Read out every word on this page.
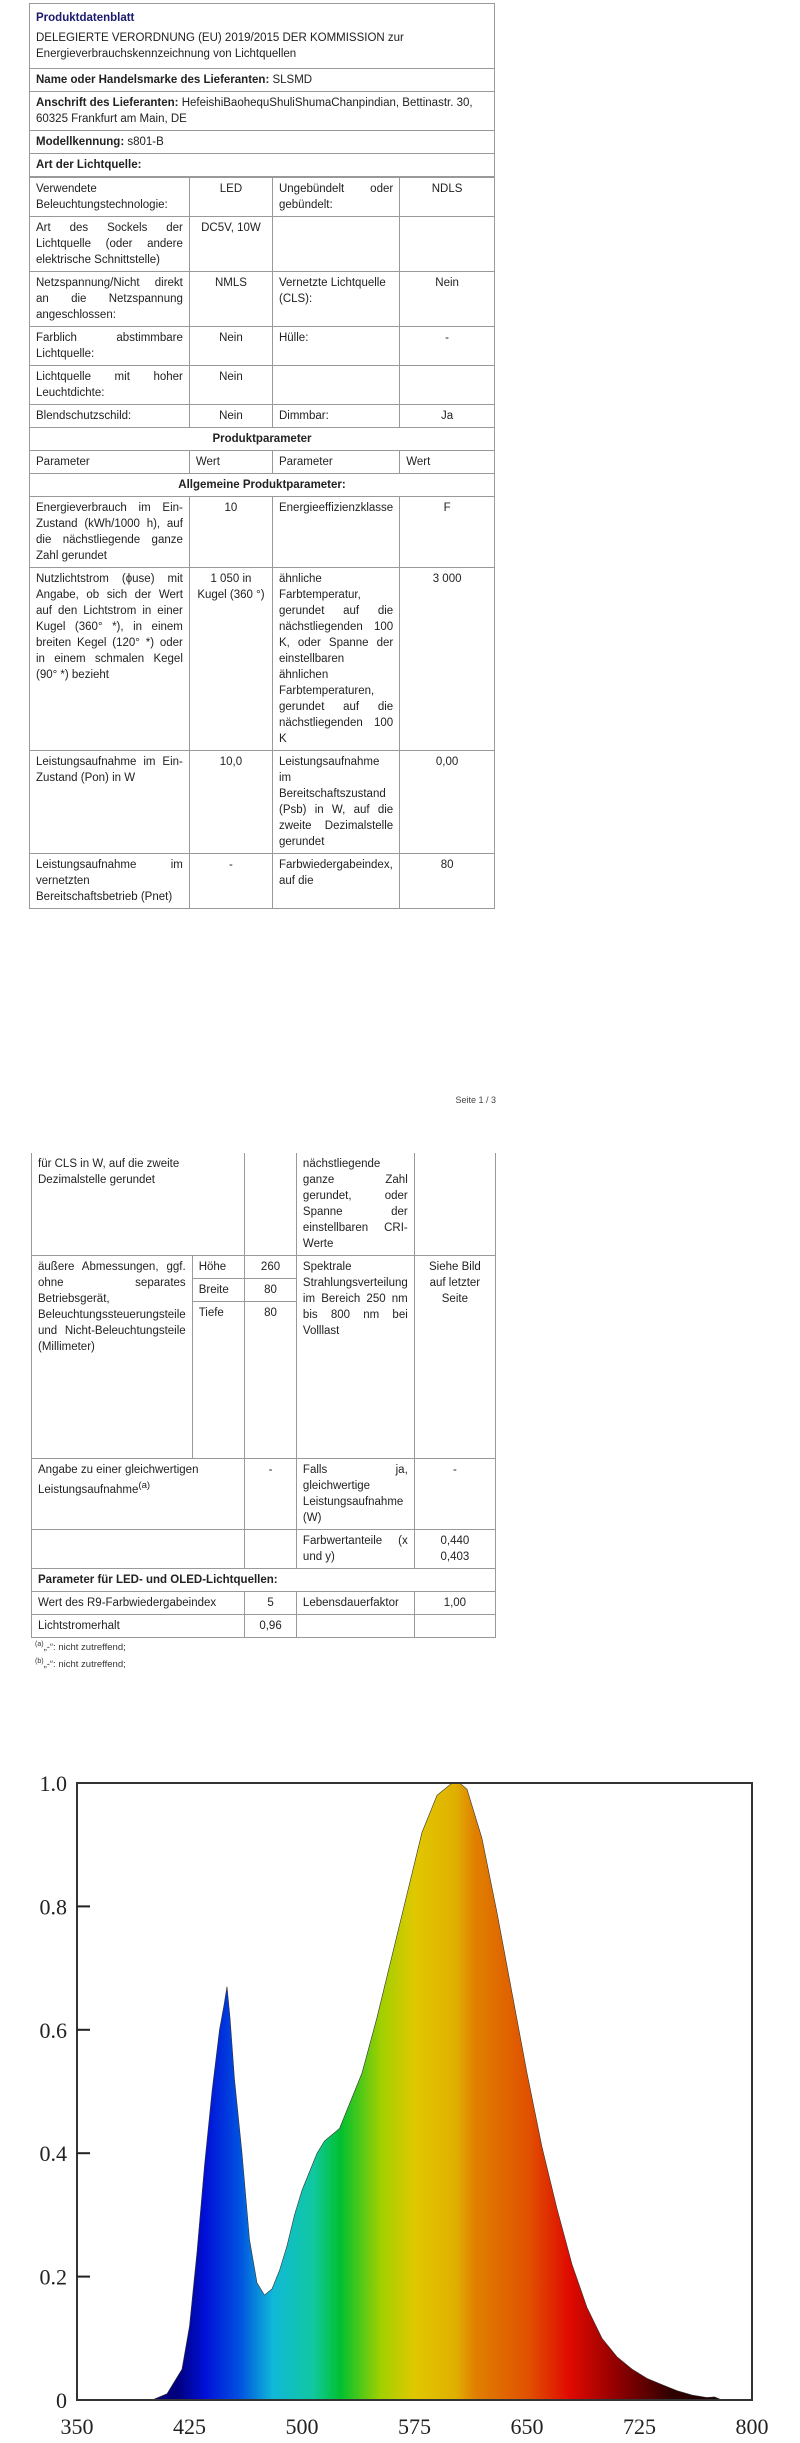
Produktdatenblatt
DELEGIERTE VERORDNUNG (EU) 2019/2015 DER KOMMISSION zur Energieverbrauchskennzeichnung von Lichtquellen
Name oder Handelsmarke des Lieferanten: SLSMD
Anschrift des Lieferanten: HefeishiBaohequShuliShumaChanpindian, Bettinastr. 30, 60325 Frankfurt am Main, DE
Modellkennung: s801-B
Art der Lichtquelle:
Verwendete Beleuchtungstechnologie:	LED	Ungebündelt oder gebündelt:	NDLS
Art des Sockels der Lichtquelle (oder andere elektrische Schnittstelle)	DC5V, 10W		
Netzspannung/Nicht direkt an die Netzspannung angeschlossen:	NMLS	Vernetzte Lichtquelle (CLS):	Nein
Farblich abstimmbare Lichtquelle:	Nein	Hülle:	-
Lichtquelle mit hoher Leuchtdichte:	Nein		
Blendschutzschild:	Nein	Dimmbar:	Ja
Produktparameter			
Parameter	Wert	Parameter	Wert
Allgemeine Produktparameter:			
Energieverbrauch im Ein-Zustand (kWh/1000 h), auf die nächstliegende ganze Zahl gerundet	10	Energieeffizienzklasse	F
Nutzlichtstrom (ϕuse) mit Angabe, ob sich der Wert auf den Lichtstrom in einer Kugel (360° *), in einem breiten Kegel (120° *) oder in einem schmalen Kegel (90° *) bezieht	1 050 in Kugel (360 °)	ähnliche Farbtemperatur, gerundet auf die nächstliegenden 100 K, oder Spanne der einstellbaren ähnlichen Farbtemperaturen, gerundet auf die nächstliegenden 100 K	3 000
Leistungsaufnahme im Ein-Zustand (Pon) in W	10,0	Leistungsaufnahme im Bereitschaftszustand (Psb) in W, auf die zweite Dezimalstelle gerundet	0,00
Leistungsaufnahme im vernetzten Bereitschaftsbetrieb (Pnet)	-	Farbwiedergabeindex, auf die	80
Seite 1 / 3
für CLS in W, auf die zweite Dezimalstelle gerundet			nächstliegende ganze Zahl gerundet, oder Spanne der einstellbaren CRI-Werte	
äußere Abmessungen, ggf. ohne separates Betriebsgerät, Beleuchtungssteuerungsteile und Nicht-Beleuchtungsteile (Millimeter)	Höhe	260	Spektrale Strahlungsverteilung im Bereich 250 nm bis 800 nm bei Volllast	Siehe Bild auf letzter Seite
	Breite	80		
	Tiefe	80		
Angabe zu einer gleichwertigen Leistungsaufnahme$^{(a)}$		-	Falls ja, gleichwertige Leistungsaufnahme (W)	-
			Farbwertanteile (x und y)	0,440
0,403

Parameter für LED- und OLED-Lichtquellen:				
Wert des R9-Farbwiedergabeindex		5	Lebensdauerfaktor	1,00
Lichtstromerhalt		0,96		
$^{(a)}$„-“: nicht zutreffend;
$^{(b)}$„-“: nicht zutreffend;
0
0.2
0.4
0.6
0.8
1.0
350	425	500	575	650	725	800
